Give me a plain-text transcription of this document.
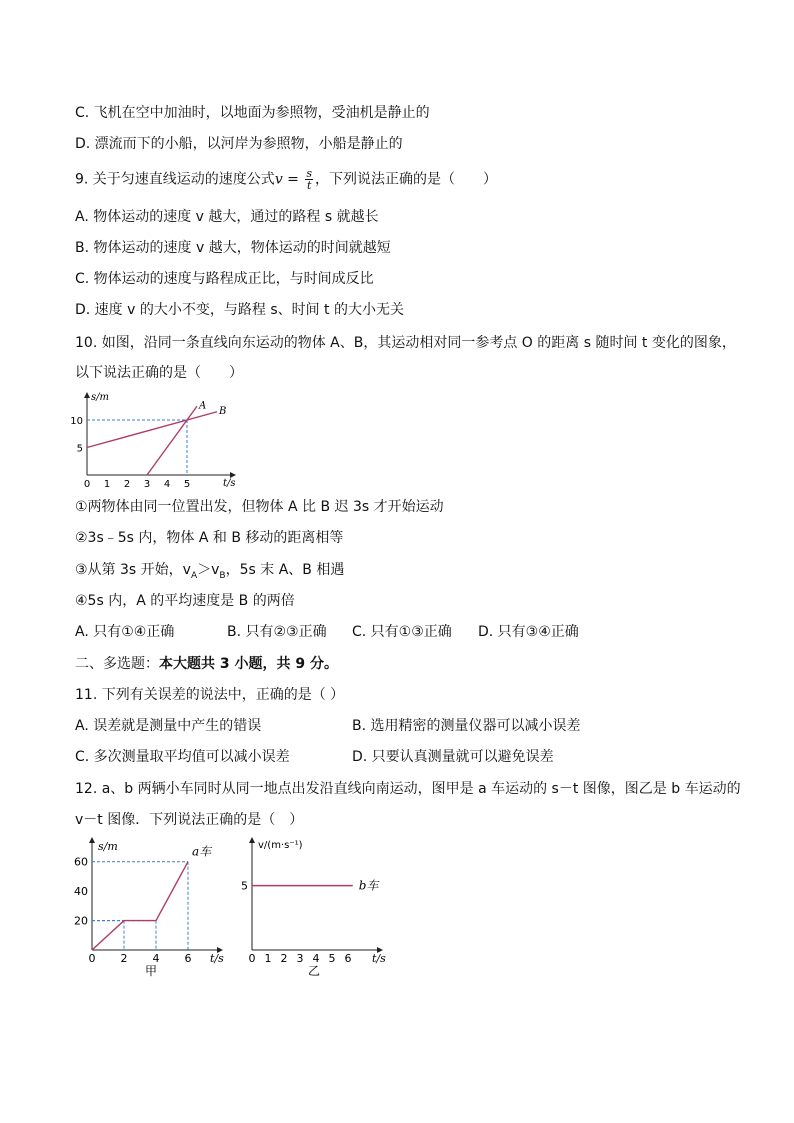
C. 飞机在空中加油时，以地面为参照物，受油机是静止的
D. 漂流而下的小船，以河岸为参照物，小船是静止的
9. 关于匀速直线运动的速度公式$v = \frac{s}{t}$ ，下列说法正确的是（　　）
A. 物体运动的速度 v 越大，通过的路程 s 就越长
B. 物体运动的速度 v 越大，物体运动的时间就越短
C. 物体运动的速度与路程成正比，与时间成反比
D. 速度 v 的大小不变，与路程 s、时间 t 的大小无关
10. 如图，沿同一条直线向东运动的物体 A、B，其运动相对同一参考点 O 的距离 s 随时间 t 变化的图象，
以下说法正确的是（　　）
s/m
t/s
0 1 2 3 4 5
5
10
A B
①两物体由同一位置出发，但物体 A 比 B 迟 3s 才开始运动
②3s﹣5s 内，物体 A 和 B 移动的距离相等
③从第 3s 开始，$v_A>v_B$，5s 末 A、B 相遇
④5s 内，A 的平均速度是 B 的两倍
A. 只有①④正确	B. 只有②③正确 C. 只有①③正确 D. 只有③④正确
二、多选题：本大题共 3 小题，共 9 分。
11. 下列有关误差的说法中，正确的是（ ）
A. 误差就是测量中产生的错误	B. 选用精密的测量仪器可以减小误差
C. 多次测量取平均值可以减小误差	D. 只要认真测量就可以避免误差
12. a、b 两辆小车同时从同一地点出发沿直线向南运动，图甲是 a 车运动的 s－t 图像，图乙是 b 车运动的
v－t 图像．下列说法正确的是（　）
s/m
t/s
甲
0 2 4 6
20
40
60
a车	v/(m·s⁻¹)
t/s
乙
0 1 2 3 4 5 6
5	b车
